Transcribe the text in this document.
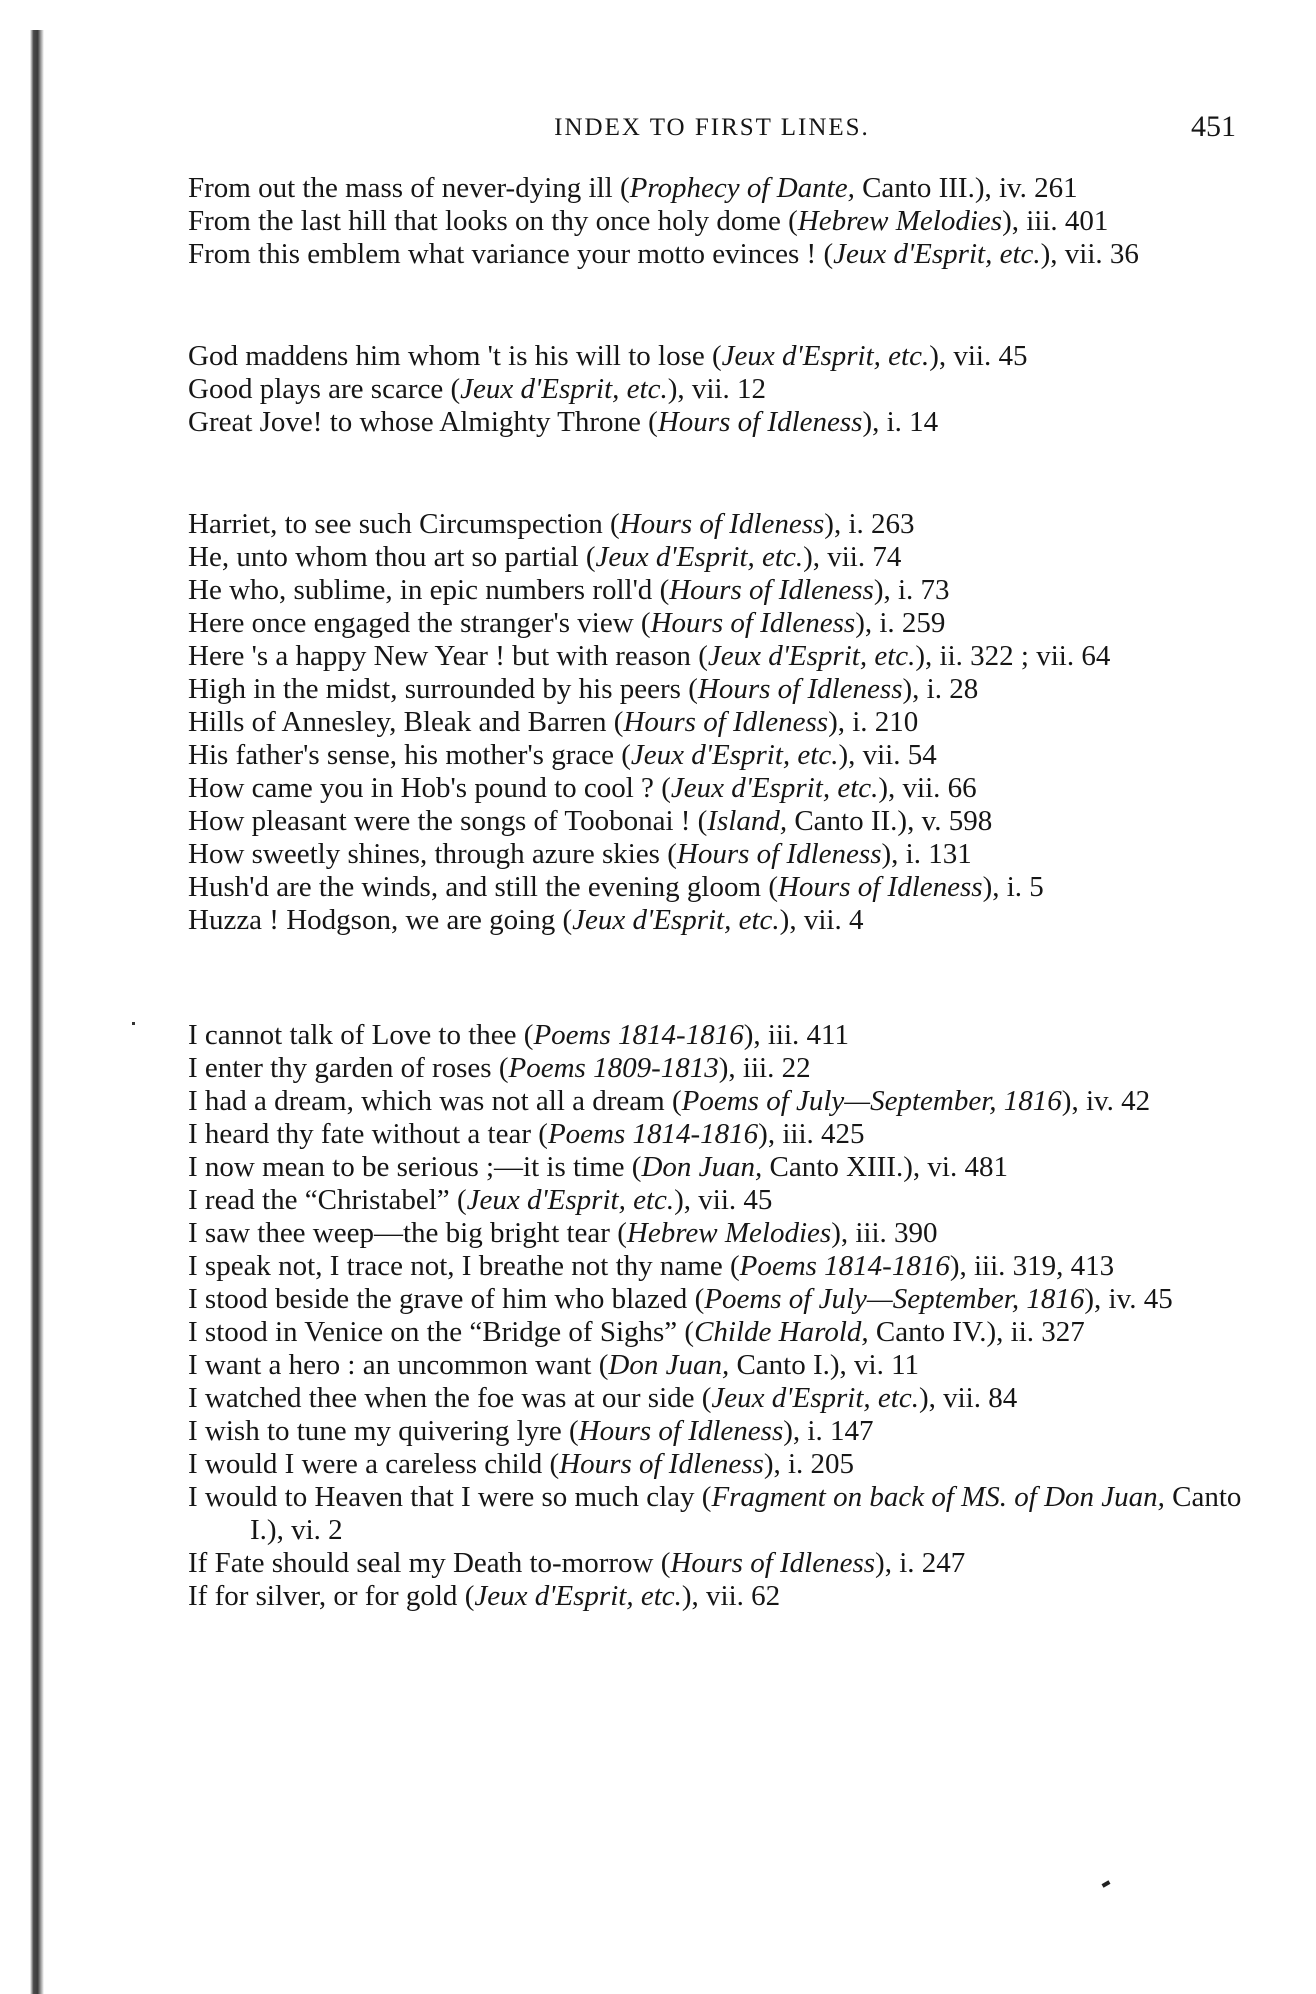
INDEX TO FIRST LINES.	451

From out the mass of never-dying ill (Prophecy of Dante, Canto III.), iv. 261

From the last hill that looks on thy once holy dome (Hebrew Melodies), iii. 401

From this emblem what variance your motto evinces ! (Jeux d'Esprit, etc.), vii. 36

God maddens him whom 't is his will to lose (Jeux d'Esprit, etc.), vii. 45

Good plays are scarce (Jeux d'Esprit, etc.), vii. 12

Great Jove! to whose Almighty Throne (Hours of Idleness), i. 14

Harriet, to see such Circumspection (Hours of Idleness), i. 263

He, unto whom thou art so partial (Jeux d'Esprit, etc.), vii. 74

He who, sublime, in epic numbers roll'd (Hours of Idleness), i. 73

Here once engaged the stranger's view (Hours of Idleness), i. 259

Here 's a happy New Year ! but with reason (Jeux d'Esprit, etc.), ii. 322 ; vii. 64

High in the midst, surrounded by his peers (Hours of Idleness), i. 28

Hills of Annesley, Bleak and Barren (Hours of Idleness), i. 210

His father's sense, his mother's grace (Jeux d'Esprit, etc.), vii. 54

How came you in Hob's pound to cool ? (Jeux d'Esprit, etc.), vii. 66

How pleasant were the songs of Toobonai ! (Island, Canto II.), v. 598

How sweetly shines, through azure skies (Hours of Idleness), i. 131

Hush'd are the winds, and still the evening gloom (Hours of Idleness), i. 5

Huzza ! Hodgson, we are going (Jeux d'Esprit, etc.), vii. 4

I cannot talk of Love to thee (Poems 1814-1816), iii. 411

I enter thy garden of roses (Poems 1809-1813), iii. 22

I had a dream, which was not all a dream (Poems of July—September, 1816), iv. 42

I heard thy fate without a tear (Poems 1814-1816), iii. 425

I now mean to be serious ;—it is time (Don Juan, Canto XIII.), vi. 481

I read the “Christabel” (Jeux d'Esprit, etc.), vii. 45

I saw thee weep—the big bright tear (Hebrew Melodies), iii. 390

I speak not, I trace not, I breathe not thy name (Poems 1814-1816), iii. 319, 413

I stood beside the grave of him who blazed (Poems of July—September, 1816), iv. 45

I stood in Venice on the “Bridge of Sighs” (Childe Harold, Canto IV.), ii. 327

I want a hero : an uncommon want (Don Juan, Canto I.), vi. 11

I watched thee when the foe was at our side (Jeux d'Esprit, etc.), vii. 84

I wish to tune my quivering lyre (Hours of Idleness), i. 147

I would I were a careless child (Hours of Idleness), i. 205

I would to Heaven that I were so much clay (Fragment on back of MS. of Don Juan, Canto I.), vi. 2

If Fate should seal my Death to-morrow (Hours of Idleness), i. 247

If for silver, or for gold (Jeux d'Esprit, etc.), vii. 62
